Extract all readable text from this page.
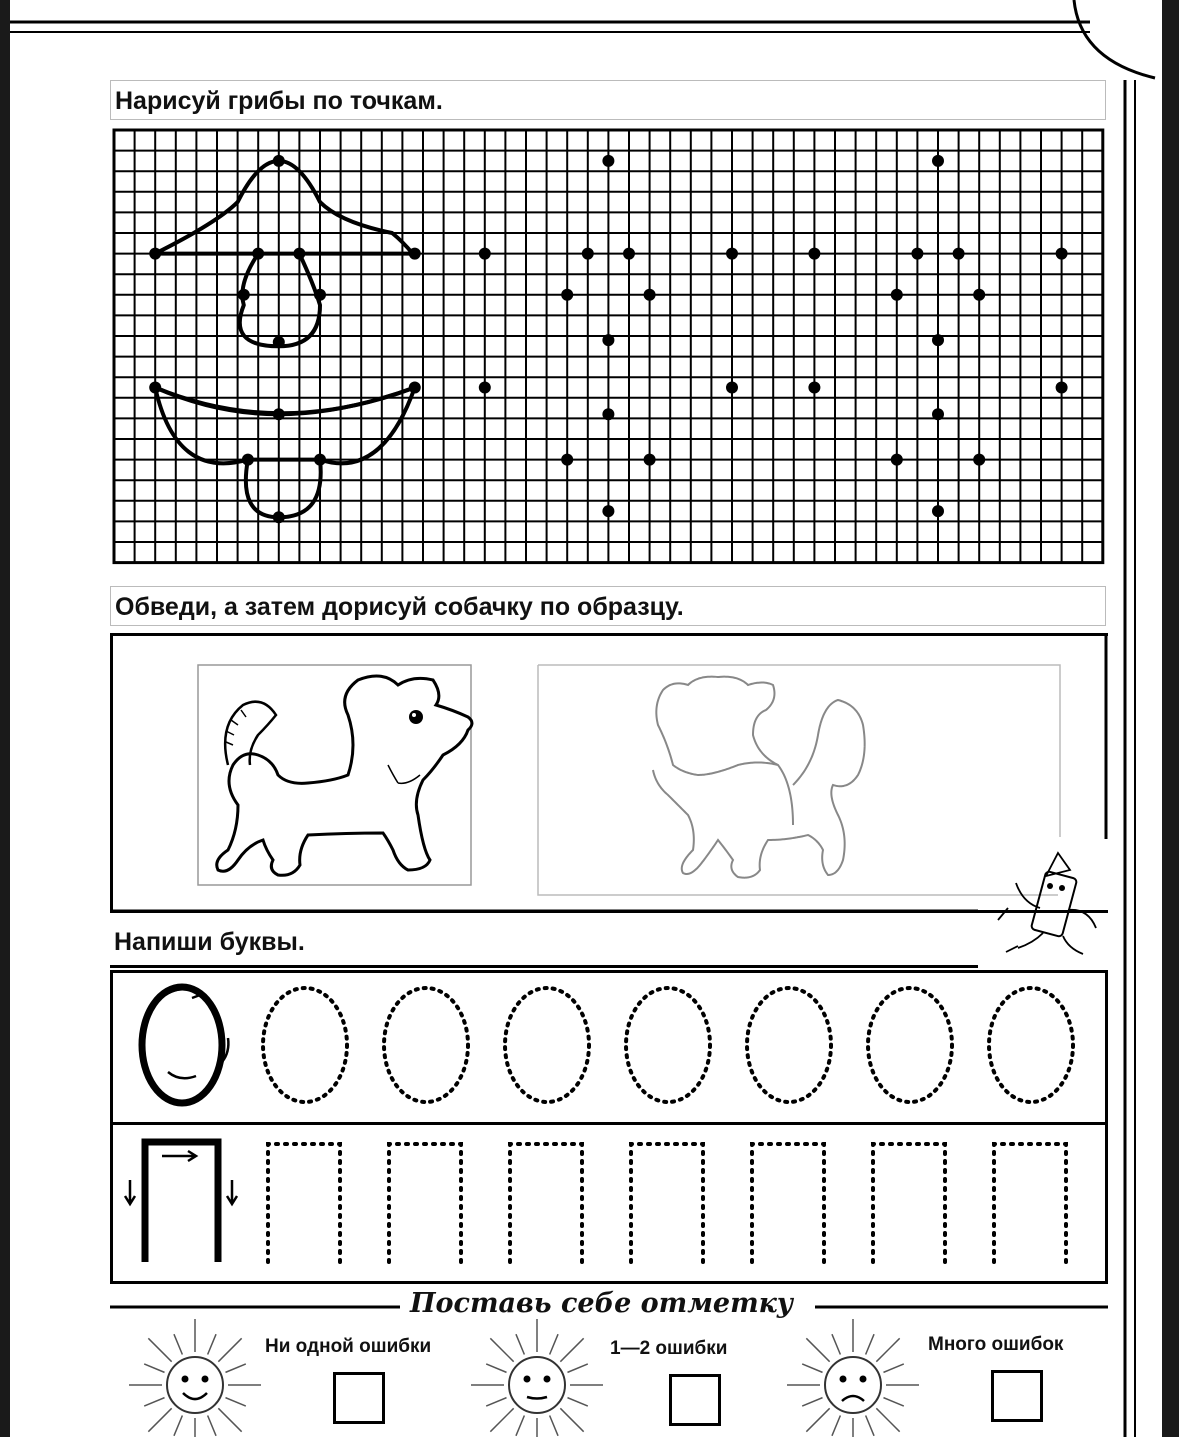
Нарисуй грибы по точкам.
Обведи, а затем дорисуй собачку по образцу.
Напиши буквы.
Поставь себе отметку
Ни одной ошибки	1—2 ошибки	Много ошибок
